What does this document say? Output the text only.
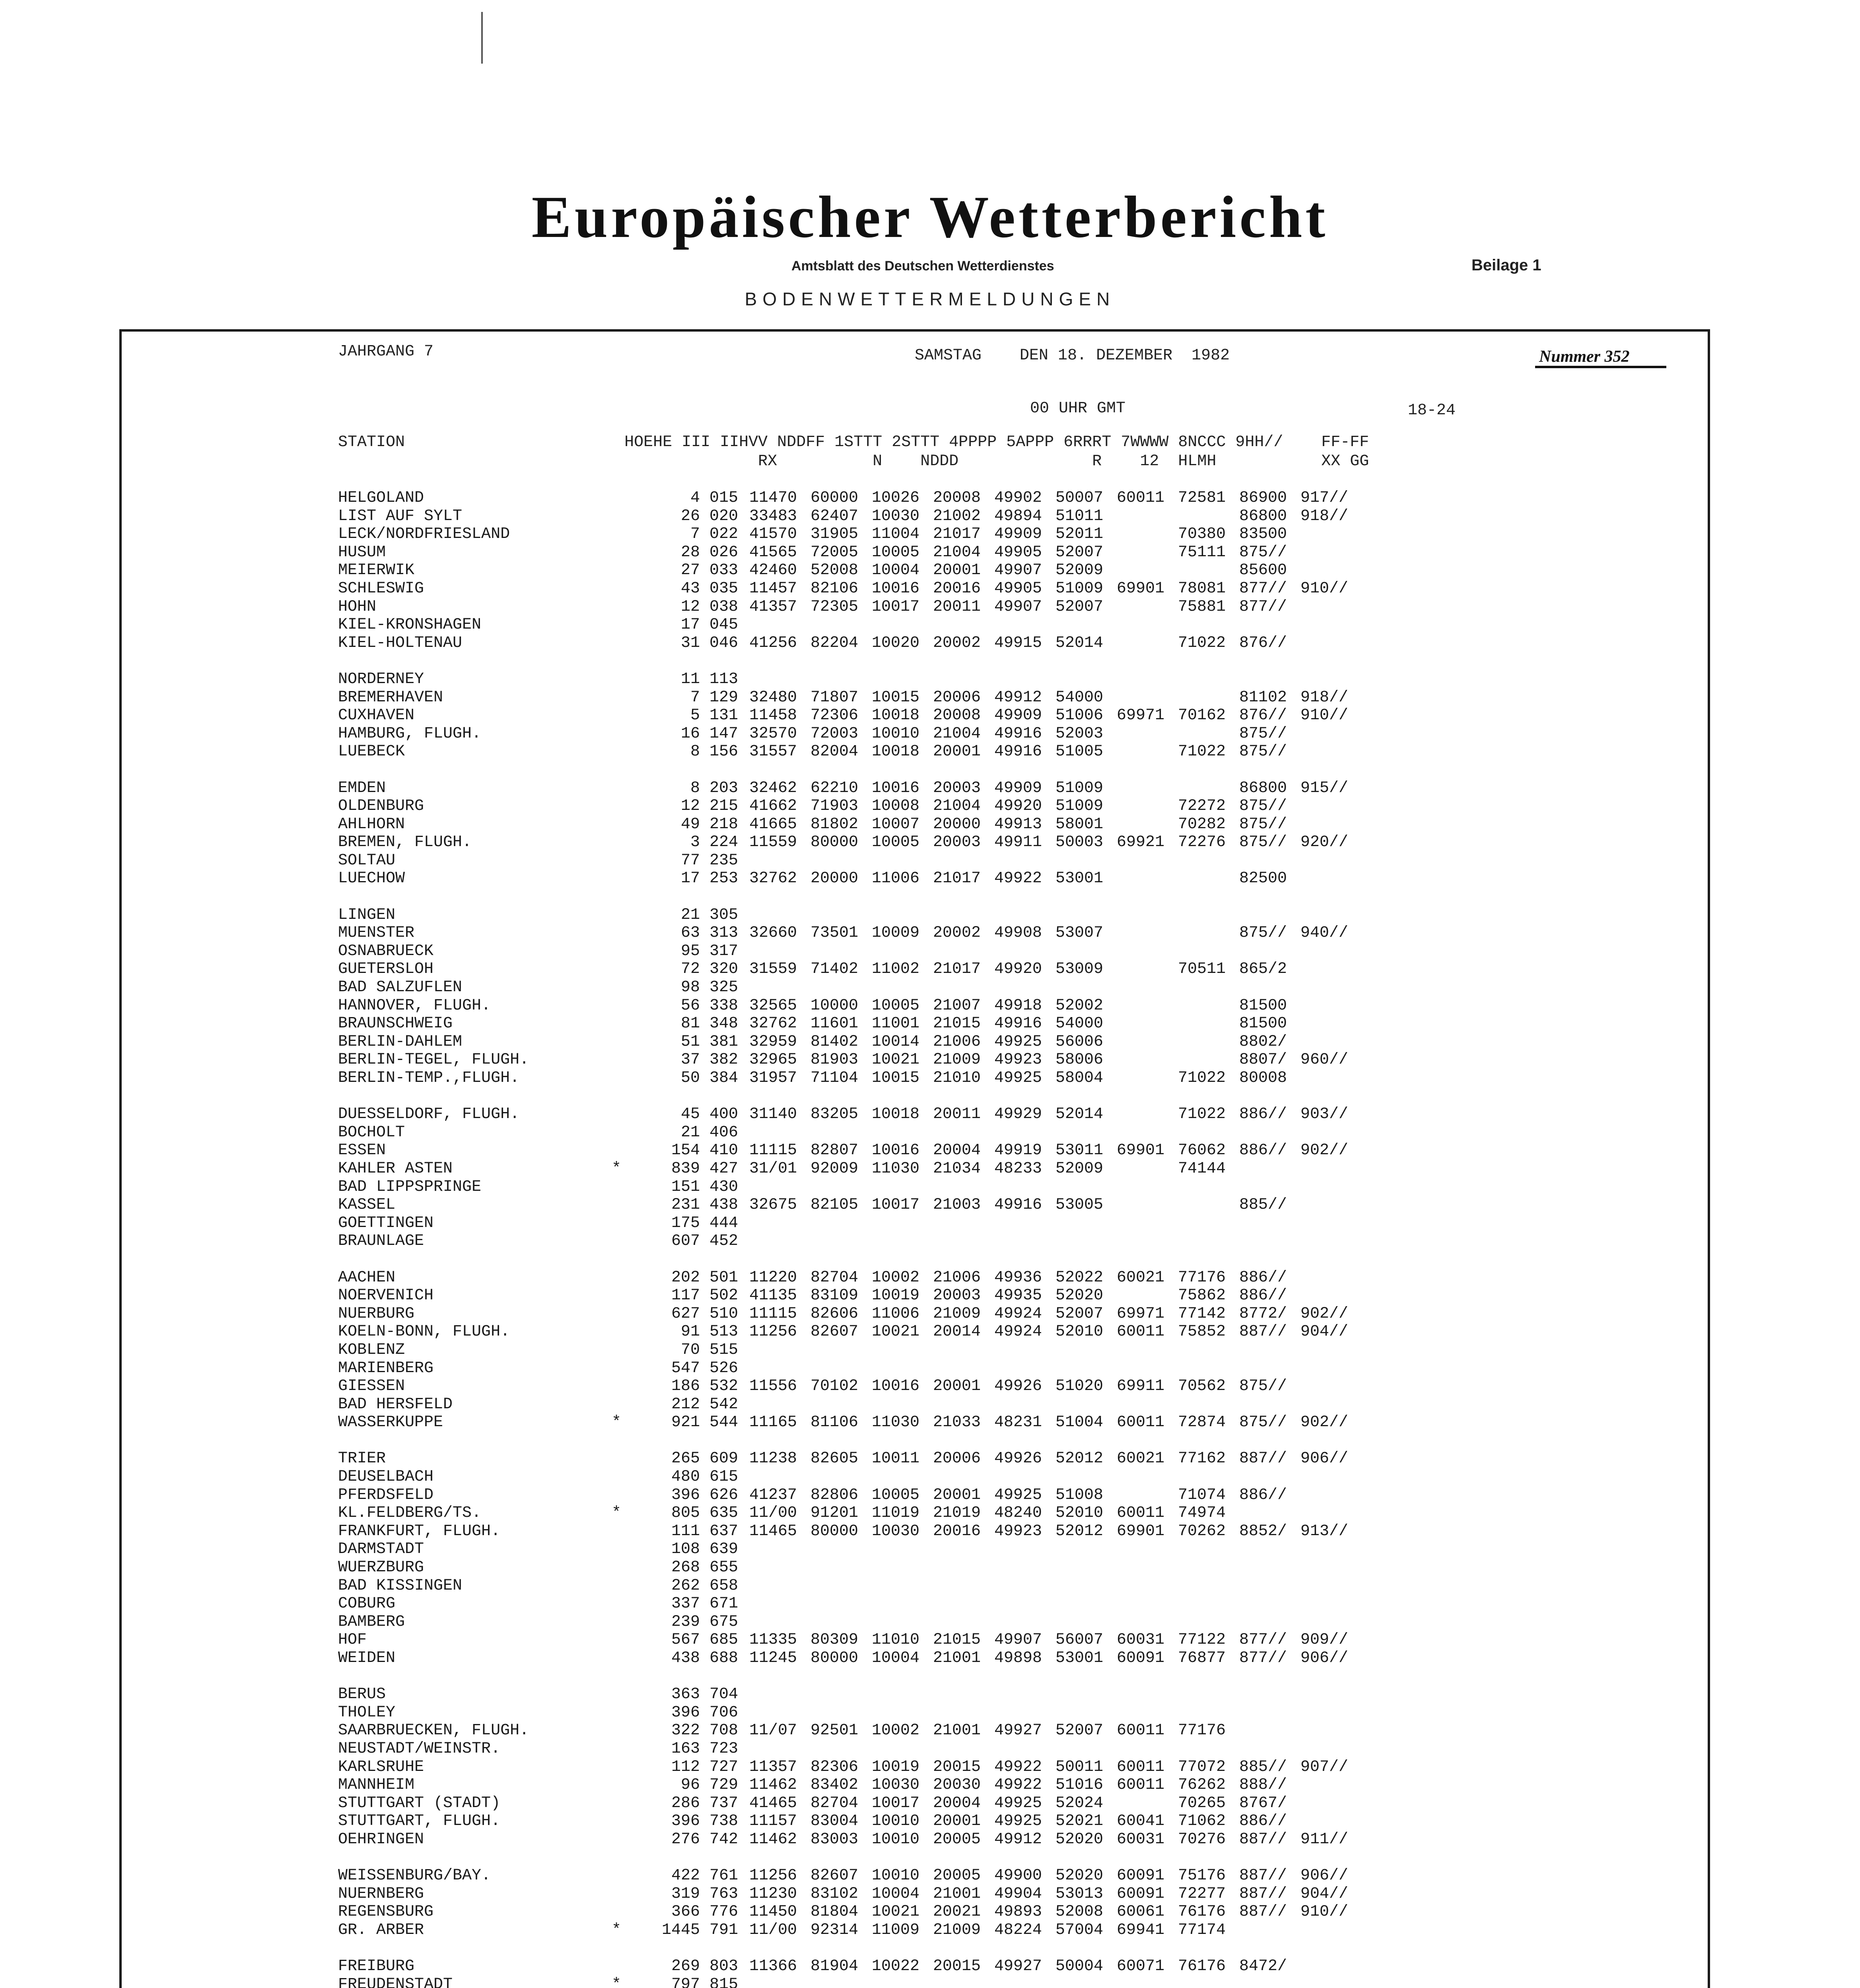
Europäischer Wetterbericht
Amtsblatt des Deutschen Wetterdienstes	Beilage 1
BODENWETTERMELDUNGEN
JAHRGANG 7	SAMSTAG    DEN 18. DEZEMBER  1982	Nummer 352
00 UHR GMT	18-24
STATION                       HOEHE III IIHVV NDDFF 1STTT 2STTT 4PPPP 5APPP 6RRRT 7WWWW 8NCCC 9HH//    FF-FF
RX          N    NDDD              R    12  HLMH           XX GG
HELGOLAND		4	015	11470	60000	10026	20008	49902	50007	60011	72581	86900	917//	
LIST AUF SYLT		26	020	33483	62407	10030	21002	49894	51011			86800	918//	
LECK/NORDFRIESLAND		7	022	41570	31905	11004	21017	49909	52011		70380	83500		
HUSUM		28	026	41565	72005	10005	21004	49905	52007		75111	875//		
MEIERWIK		27	033	42460	52008	10004	20001	49907	52009			85600		
SCHLESWIG		43	035	11457	82106	10016	20016	49905	51009	69901	78081	877//	910//	
HOHN		12	038	41357	72305	10017	20011	49907	52007		75881	877//		
KIEL-KRONSHAGEN		17	045											
KIEL-HOLTENAU		31	046	41256	82204	10020	20002	49915	52014		71022	876//		

NORDERNEY		11	113											
BREMERHAVEN		7	129	32480	71807	10015	20006	49912	54000			81102	918//	
CUXHAVEN		5	131	11458	72306	10018	20008	49909	51006	69971	70162	876//	910//	
HAMBURG, FLUGH.		16	147	32570	72003	10010	21004	49916	52003			875//		
LUEBECK		8	156	31557	82004	10018	20001	49916	51005		71022	875//		

EMDEN		8	203	32462	62210	10016	20003	49909	51009			86800	915//	
OLDENBURG		12	215	41662	71903	10008	21004	49920	51009		72272	875//		
AHLHORN		49	218	41665	81802	10007	20000	49913	58001		70282	875//		
BREMEN, FLUGH.		3	224	11559	80000	10005	20003	49911	50003	69921	72276	875//	920//	
SOLTAU		77	235											
LUECHOW		17	253	32762	20000	11006	21017	49922	53001			82500		

LINGEN		21	305											
MUENSTER		63	313	32660	73501	10009	20002	49908	53007			875//	940//	
OSNABRUECK		95	317											
GUETERSLOH		72	320	31559	71402	11002	21017	49920	53009		70511	865/2		
BAD SALZUFLEN		98	325											
HANNOVER, FLUGH.		56	338	32565	10000	10005	21007	49918	52002			81500		
BRAUNSCHWEIG		81	348	32762	11601	11001	21015	49916	54000			81500		
BERLIN-DAHLEM		51	381	32959	81402	10014	21006	49925	56006			8802/		
BERLIN-TEGEL, FLUGH.		37	382	32965	81903	10021	21009	49923	58006			8807/	960//	
BERLIN-TEMP.,FLUGH.		50	384	31957	71104	10015	21010	49925	58004		71022	80008		

DUESSELDORF, FLUGH.		45	400	31140	83205	10018	20011	49929	52014		71022	886//	903//	
BOCHOLT		21	406											
ESSEN		154	410	11115	82807	10016	20004	49919	53011	69901	76062	886//	902//	
KAHLER ASTEN	*	839	427	31/01	92009	11030	21034	48233	52009		74144			
BAD LIPPSPRINGE		151	430											
KASSEL		231	438	32675	82105	10017	21003	49916	53005			885//		
GOETTINGEN		175	444											
BRAUNLAGE		607	452											

AACHEN		202	501	11220	82704	10002	21006	49936	52022	60021	77176	886//		
NOERVENICH		117	502	41135	83109	10019	20003	49935	52020		75862	886//		
NUERBURG		627	510	11115	82606	11006	21009	49924	52007	69971	77142	8772/	902//	
KOELN-BONN, FLUGH.		91	513	11256	82607	10021	20014	49924	52010	60011	75852	887//	904//	
KOBLENZ		70	515											
MARIENBERG		547	526											
GIESSEN		186	532	11556	70102	10016	20001	49926	51020	69911	70562	875//		
BAD HERSFELD		212	542											
WASSERKUPPE	*	921	544	11165	81106	11030	21033	48231	51004	60011	72874	875//	902//	

TRIER		265	609	11238	82605	10011	20006	49926	52012	60021	77162	887//	906//	
DEUSELBACH		480	615											
PFERDSFELD		396	626	41237	82806	10005	20001	49925	51008		71074	886//		
KL.FELDBERG/TS.	*	805	635	11/00	91201	11019	21019	48240	52010	60011	74974			
FRANKFURT, FLUGH.		111	637	11465	80000	10030	20016	49923	52012	69901	70262	8852/	913//	
DARMSTADT		108	639											
WUERZBURG		268	655											
BAD KISSINGEN		262	658											
COBURG		337	671											
BAMBERG		239	675											
HOF		567	685	11335	80309	11010	21015	49907	56007	60031	77122	877//	909//	
WEIDEN		438	688	11245	80000	10004	21001	49898	53001	60091	76877	877//	906//	

BERUS		363	704											
THOLEY		396	706											
SAARBRUECKEN, FLUGH.		322	708	11/07	92501	10002	21001	49927	52007	60011	77176			
NEUSTADT/WEINSTR.		163	723											
KARLSRUHE		112	727	11357	82306	10019	20015	49922	50011	60011	77072	885//	907//	
MANNHEIM		96	729	11462	83402	10030	20030	49922	51016	60011	76262	888//		
STUTTGART (STADT)		286	737	41465	82704	10017	20004	49925	52024		70265	8767/		
STUTTGART, FLUGH.		396	738	11157	83004	10010	20001	49925	52021	60041	71062	886//		
OEHRINGEN		276	742	11462	83003	10010	20005	49912	52020	60031	70276	887//	911//	

WEISSENBURG/BAY.		422	761	11256	82607	10010	20005	49900	52020	60091	75176	887//	906//	
NUERNBERG		319	763	11230	83102	10004	21001	49904	53013	60091	72277	887//	904//	
REGENSBURG		366	776	11450	81804	10021	20021	49893	52008	60061	76176	887//	910//	
GR. ARBER	*	1445	791	11/00	92314	11009	21009	48224	57004	69941	77174			

FREIBURG		269	803	11366	81904	10022	20015	49927	50004	60071	76176	8472/		
FREUDENSTADT	*	797	815											
